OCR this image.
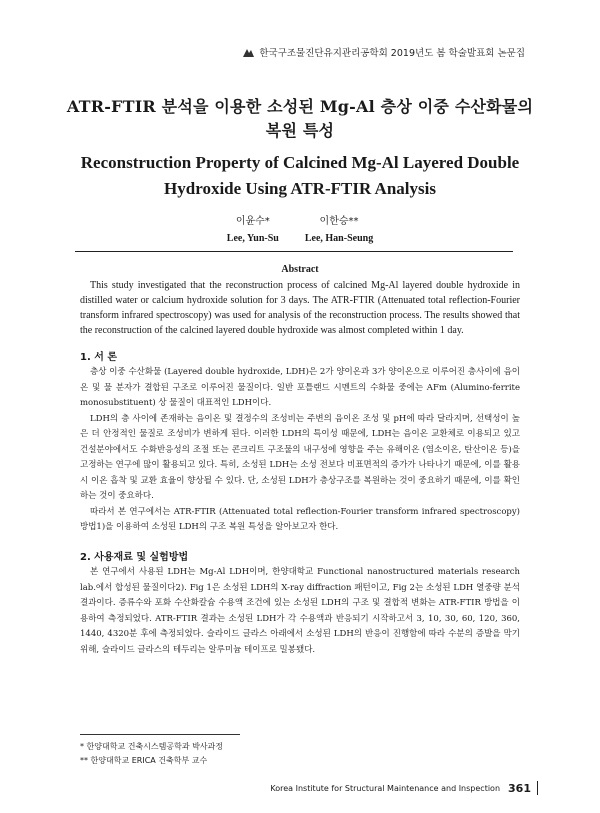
한국구조물진단유지관리공학회 2019년도 봄 학술발표회 논문집
ATR-FTIR 분석을 이용한 소성된 Mg-Al 층상 이중 수산화물의
복원 특성
Reconstruction Property of Calcined Mg-Al Layered Double
Hydroxide Using ATR-FTIR Analysis
이윤수*
Lee, Yun-Su
이한승**
Lee, Han-Seung
Abstract
This study investigated that the reconstruction process of calcined Mg-Al layered double hydroxide in distilled water or calcium hydroxide solution for 3 days. The ATR-FTIR (Attenuated total reflection-Fourier transform infrared spectroscopy) was used for analysis of the reconstruction process. The results showed that the reconstruction of the calcined layered double hydroxide was almost completed within 1 day.
1. 서 론

층상 이중 수산화물 (Layered double hydroxide, LDH)은 2가 양이온과 3가 양이온으로 이루어진 층사이에 음이온 및 물 분자가 결합된 구조로 이루어진 물질이다. 일반 포틀랜드 시멘트의 수화물 중에는 AFm (Alumino-ferrite monosubstituent) 상 물질이 대표적인 LDH이다.

LDH의 층 사이에 존재하는 음이온 및 결정수의 조성비는 주변의 음이온 조성 및 pH에 따라 달라지며, 선택성이 높은 더 안정적인 물질로 조성비가 변하게 된다. 이러한 LDH의 특이성 때문에, LDH는 음이온 교환체로 이용되고 있고 건설분야에서도 수화반응성의 조절 또는 콘크리트 구조물의 내구성에 영향을 주는 유해이온 (염소이온, 탄산이온 등)을 고정하는 연구에 많이 활용되고 있다. 특히, 소성된 LDH는 소성 전보다 비표면적의 증가가 나타나기 때문에, 이를 활용 시 이온 흡착 및 교환 효율이 향상될 수 있다. 단, 소성된 LDH가 층상구조를 복원하는 것이 중요하기 때문에, 이를 확인하는 것이 중요하다.

따라서 본 연구에서는 ATR-FTIR (Attenuated total reflection-Fourier transform infrared spectroscopy) 방법1)을 이용하여 소성된 LDH의 구조 복원 특성을 알아보고자 한다.

2. 사용재료 및 실험방법

본 연구에서 사용된 LDH는 Mg-Al LDH이며, 한양대학교 Functional nanostructured materials research lab.에서 합성된 물질이다2). Fig 1은 소성된 LDH의 X-ray diffraction 패턴이고, Fig 2는 소성된 LDH 열중량 분석 결과이다. 증류수와 포화 수산화칼슘 수용액 조건에 있는 소성된 LDH의 구조 및 결합적 변화는 ATR-FTIR 방법을 이용하여 측정되었다. ATR-FTIR 결과는 소성된 LDH가 각 수용액과 반응되기 시작하고서 3, 10, 30, 60, 120, 360, 1440, 4320분 후에 측정되었다. 슬라이드 글라스 아래에서 소성된 LDH의 반응이 진행함에 따라 수분의 증발을 막기 위해, 슬라이드 글라스의 테두리는 알루미늄 테이프로 밀봉됐다.

* 한양대학교 건축시스템공학과 박사과정
** 한양대학교 ERICA 건축학부 교수
Korea Institute for Structural Maintenance and Inspection 361
